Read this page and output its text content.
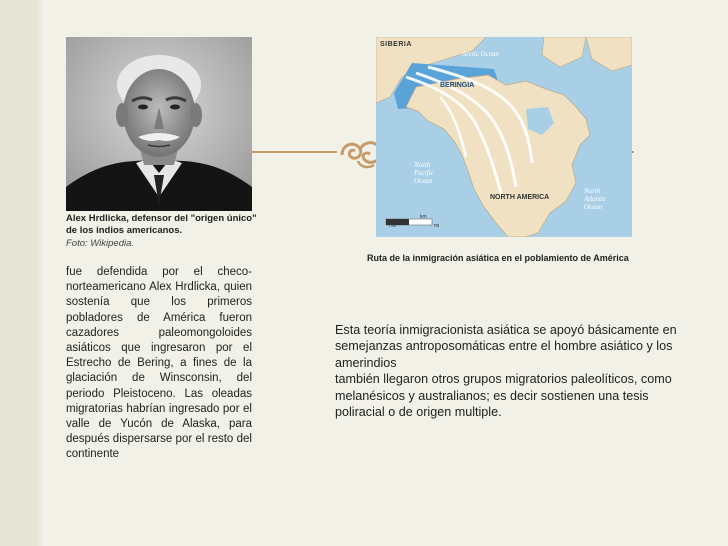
Alex Hrdlicka, defensor del "origen único" de los indios americanos.
Foto: Wikipedia.
fue defendida por el checo-norteamericano Alex Hrdlicka, quien sostenía que los primeros pobladores de América fueron cazadores paleomongoloides asiáticos que ingresaron por el Estrecho de Bering, a fines de la glaciación de Winsconsin, del periodo Pleistoceno. Las oleadas migratorias habrían ingresado por el valle de Yucón de Alaska, para después dispersarse por el resto del continente
SIBERIA
Arctic Ocean
BERINGIA
NORTH AMERICA
North
Pacific
Ocean
North
Atlantic
Ocean
750
km
mi
Ruta de la inmigración asiática en el poblamiento de América

Esta teoría inmigracionista asiática se apoyó básicamente en semejanzas antroposomáticas entre el hombre asiático y los amerindios

también llegaron otros grupos migratorios paleolíticos, como melanésicos y australianos; es decir sostienen una tesis poliracial o de origen multiple.
